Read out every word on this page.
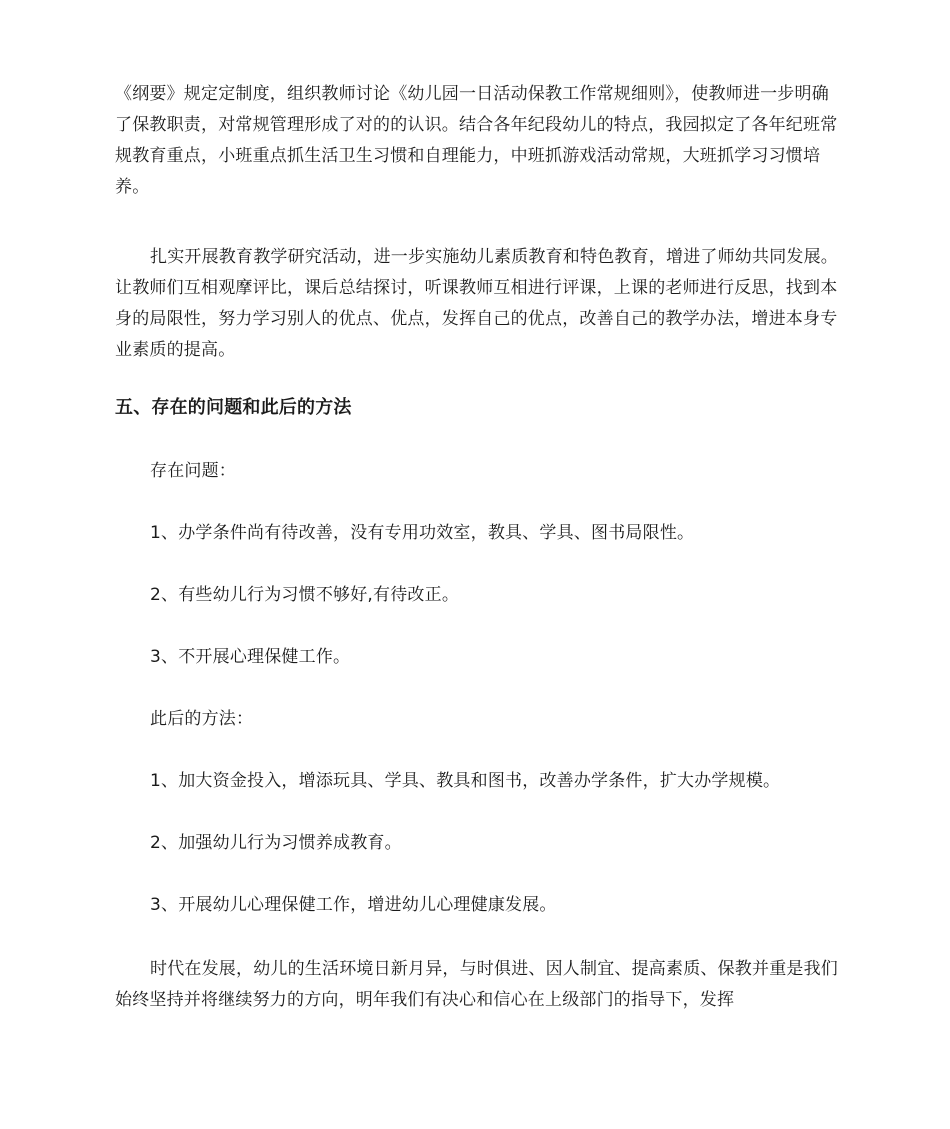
《纲要》规定定制度，组织教师讨论《幼儿园一日活动保教工作常规细则》，使教师进一步明确了保教职责，对常规管理形成了对的的认识。结合各年纪段幼儿的特点，我园拟定了各年纪班常规教育重点，小班重点抓生活卫生习惯和自理能力，中班抓游戏活动常规，大班抓学习习惯培养。

扎实开展教育教学研究活动，进一步实施幼儿素质教育和特色教育，增进了师幼共同发展。让教师们互相观摩评比，课后总结探讨，听课教师互相进行评课，上课的老师进行反思，找到本身的局限性，努力学习别人的优点、优点，发挥自己的优点，改善自己的教学办法，增进本身专业素质的提高。

五、存在的问题和此后的方法

存在问题：

1、办学条件尚有待改善，没有专用功效室，教具、学具、图书局限性。

2、有些幼儿行为习惯不够好,有待改正。

3、不开展心理保健工作。

此后的方法：

1、加大资金投入，增添玩具、学具、教具和图书，改善办学条件，扩大办学规模。

2、加强幼儿行为习惯养成教育。

3、开展幼儿心理保健工作，增进幼儿心理健康发展。

时代在发展，幼儿的生活环境日新月异，与时俱进、因人制宜、提高素质、保教并重是我们始终坚持并将继续努力的方向，明年我们有决心和信心在上级部门的指导下，发挥
